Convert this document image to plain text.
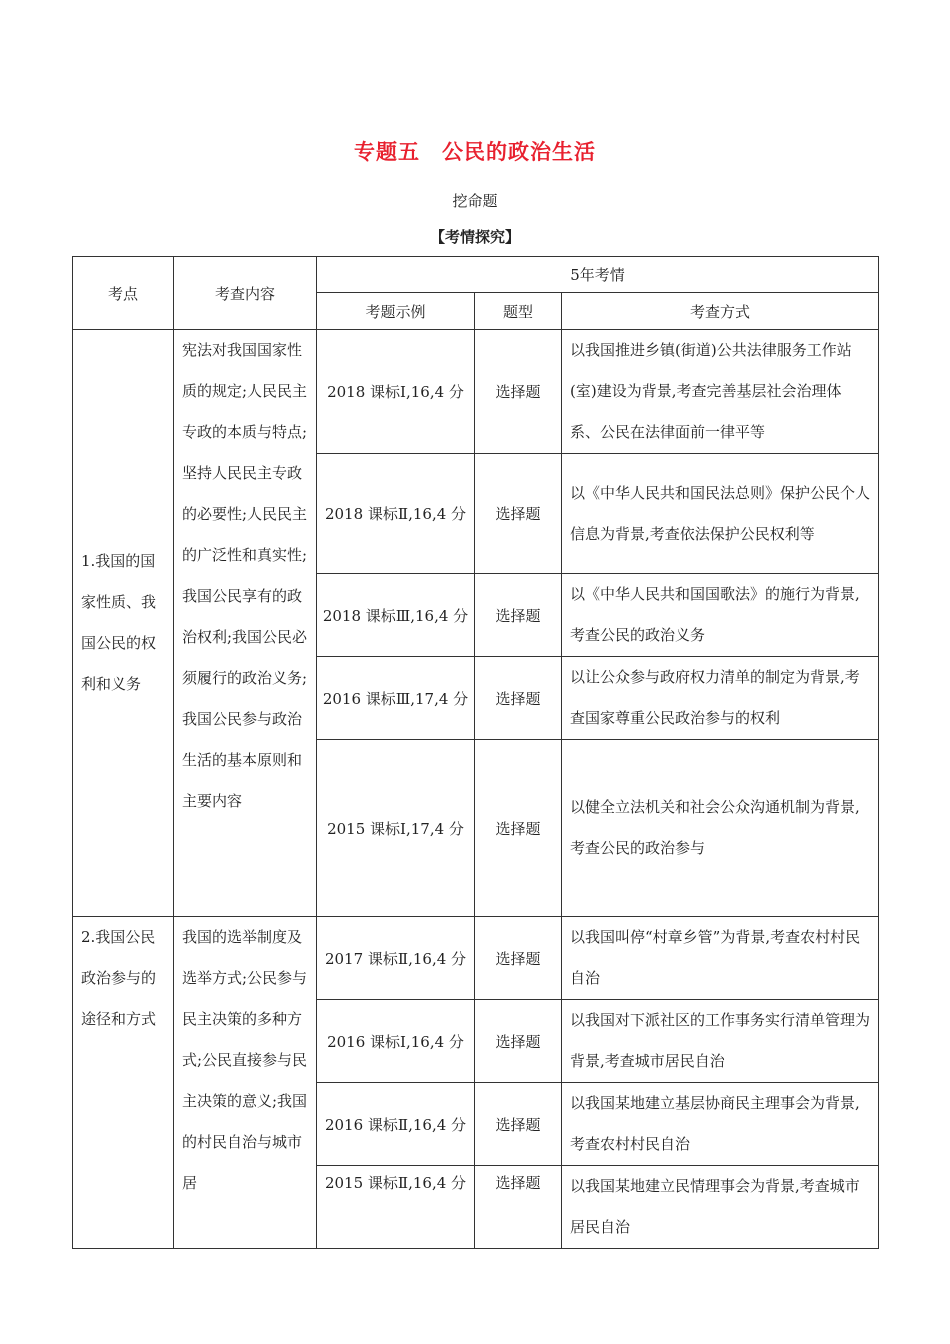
专题五　公民的政治生活
挖命题
【考情探究】
考点	考查内容	5年考情		
		考题示例	题型	考查方式
1.我国的国家性质、我国公民的权利和义务	宪法对我国国家性质的规定;人民民主专政的本质与特点;坚持人民民主专政的必要性;人民民主的广泛性和真实性;我国公民享有的政治权利;我国公民必须履行的政治义务;我国公民参与政治生活的基本原则和主要内容	2018 课标Ⅰ,16,4 分	选择题	以我国推进乡镇(街道)公共法律服务工作站(室)建设为背景,考查完善基层社会治理体系、公民在法律面前一律平等
		2018 课标Ⅱ,16,4 分	选择题	以《中华人民共和国民法总则》保护公民个人信息为背景,考查依法保护公民权利等
		2018 课标Ⅲ,16,4 分	选择题	以《中华人民共和国国歌法》的施行为背景,考查公民的政治义务
		2016 课标Ⅲ,17,4 分	选择题	以让公众参与政府权力清单的制定为背景,考查国家尊重公民政治参与的权利
		2015 课标Ⅰ,17,4 分	选择题	以健全立法机关和社会公众沟通机制为背景,考查公民的政治参与
2.我国公民政治参与的途径和方式	我国的选举制度及选举方式;公民参与民主决策的多种方式;公民直接参与民主决策的意义;我国的村民自治与城市居	2017 课标Ⅱ,16,4 分	选择题	以我国叫停“村章乡管”为背景,考查农村村民自治
		2016 课标Ⅰ,16,4 分	选择题	以我国对下派社区的工作事务实行清单管理为背景,考查城市居民自治
		2016 课标Ⅱ,16,4 分	选择题	以我国某地建立基层协商民主理事会为背景,考查农村村民自治
		2015 课标Ⅱ,16,4 分	选择题	以我国某地建立民情理事会为背景,考查城市居民自治
